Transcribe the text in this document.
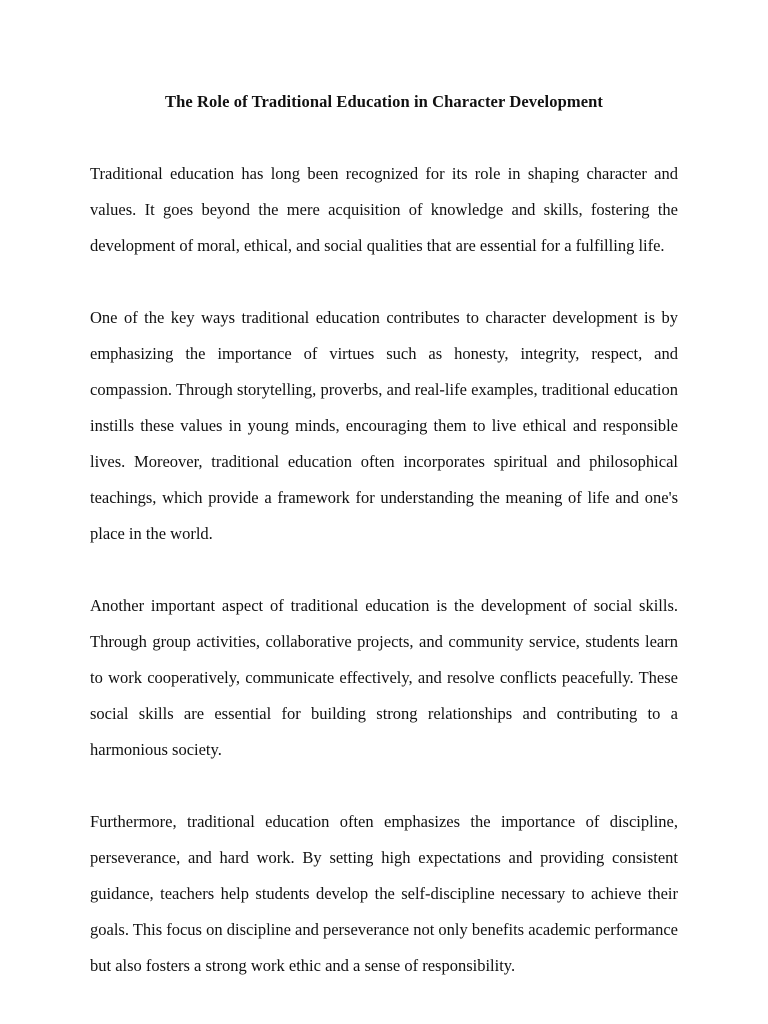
The Role of Traditional Education in Character Development

Traditional education has long been recognized for its role in shaping character and values. It goes beyond the mere acquisition of knowledge and skills, fostering the development of moral, ethical, and social qualities that are essential for a fulfilling life.

One of the key ways traditional education contributes to character development is by emphasizing the importance of virtues such as honesty, integrity, respect, and compassion. Through storytelling, proverbs, and real-life examples, traditional education instills these values in young minds, encouraging them to live ethical and responsible lives. Moreover, traditional education often incorporates spiritual and philosophical teachings, which provide a framework for understanding the meaning of life and one's place in the world.

Another important aspect of traditional education is the development of social skills. Through group activities, collaborative projects, and community service, students learn to work cooperatively, communicate effectively, and resolve conflicts peacefully. These social skills are essential for building strong relationships and contributing to a harmonious society.

Furthermore, traditional education often emphasizes the importance of discipline, perseverance, and hard work. By setting high expectations and providing consistent guidance, teachers help students develop the self-discipline necessary to achieve their goals. This focus on discipline and perseverance not only benefits academic performance but also fosters a strong work ethic and a sense of responsibility.
